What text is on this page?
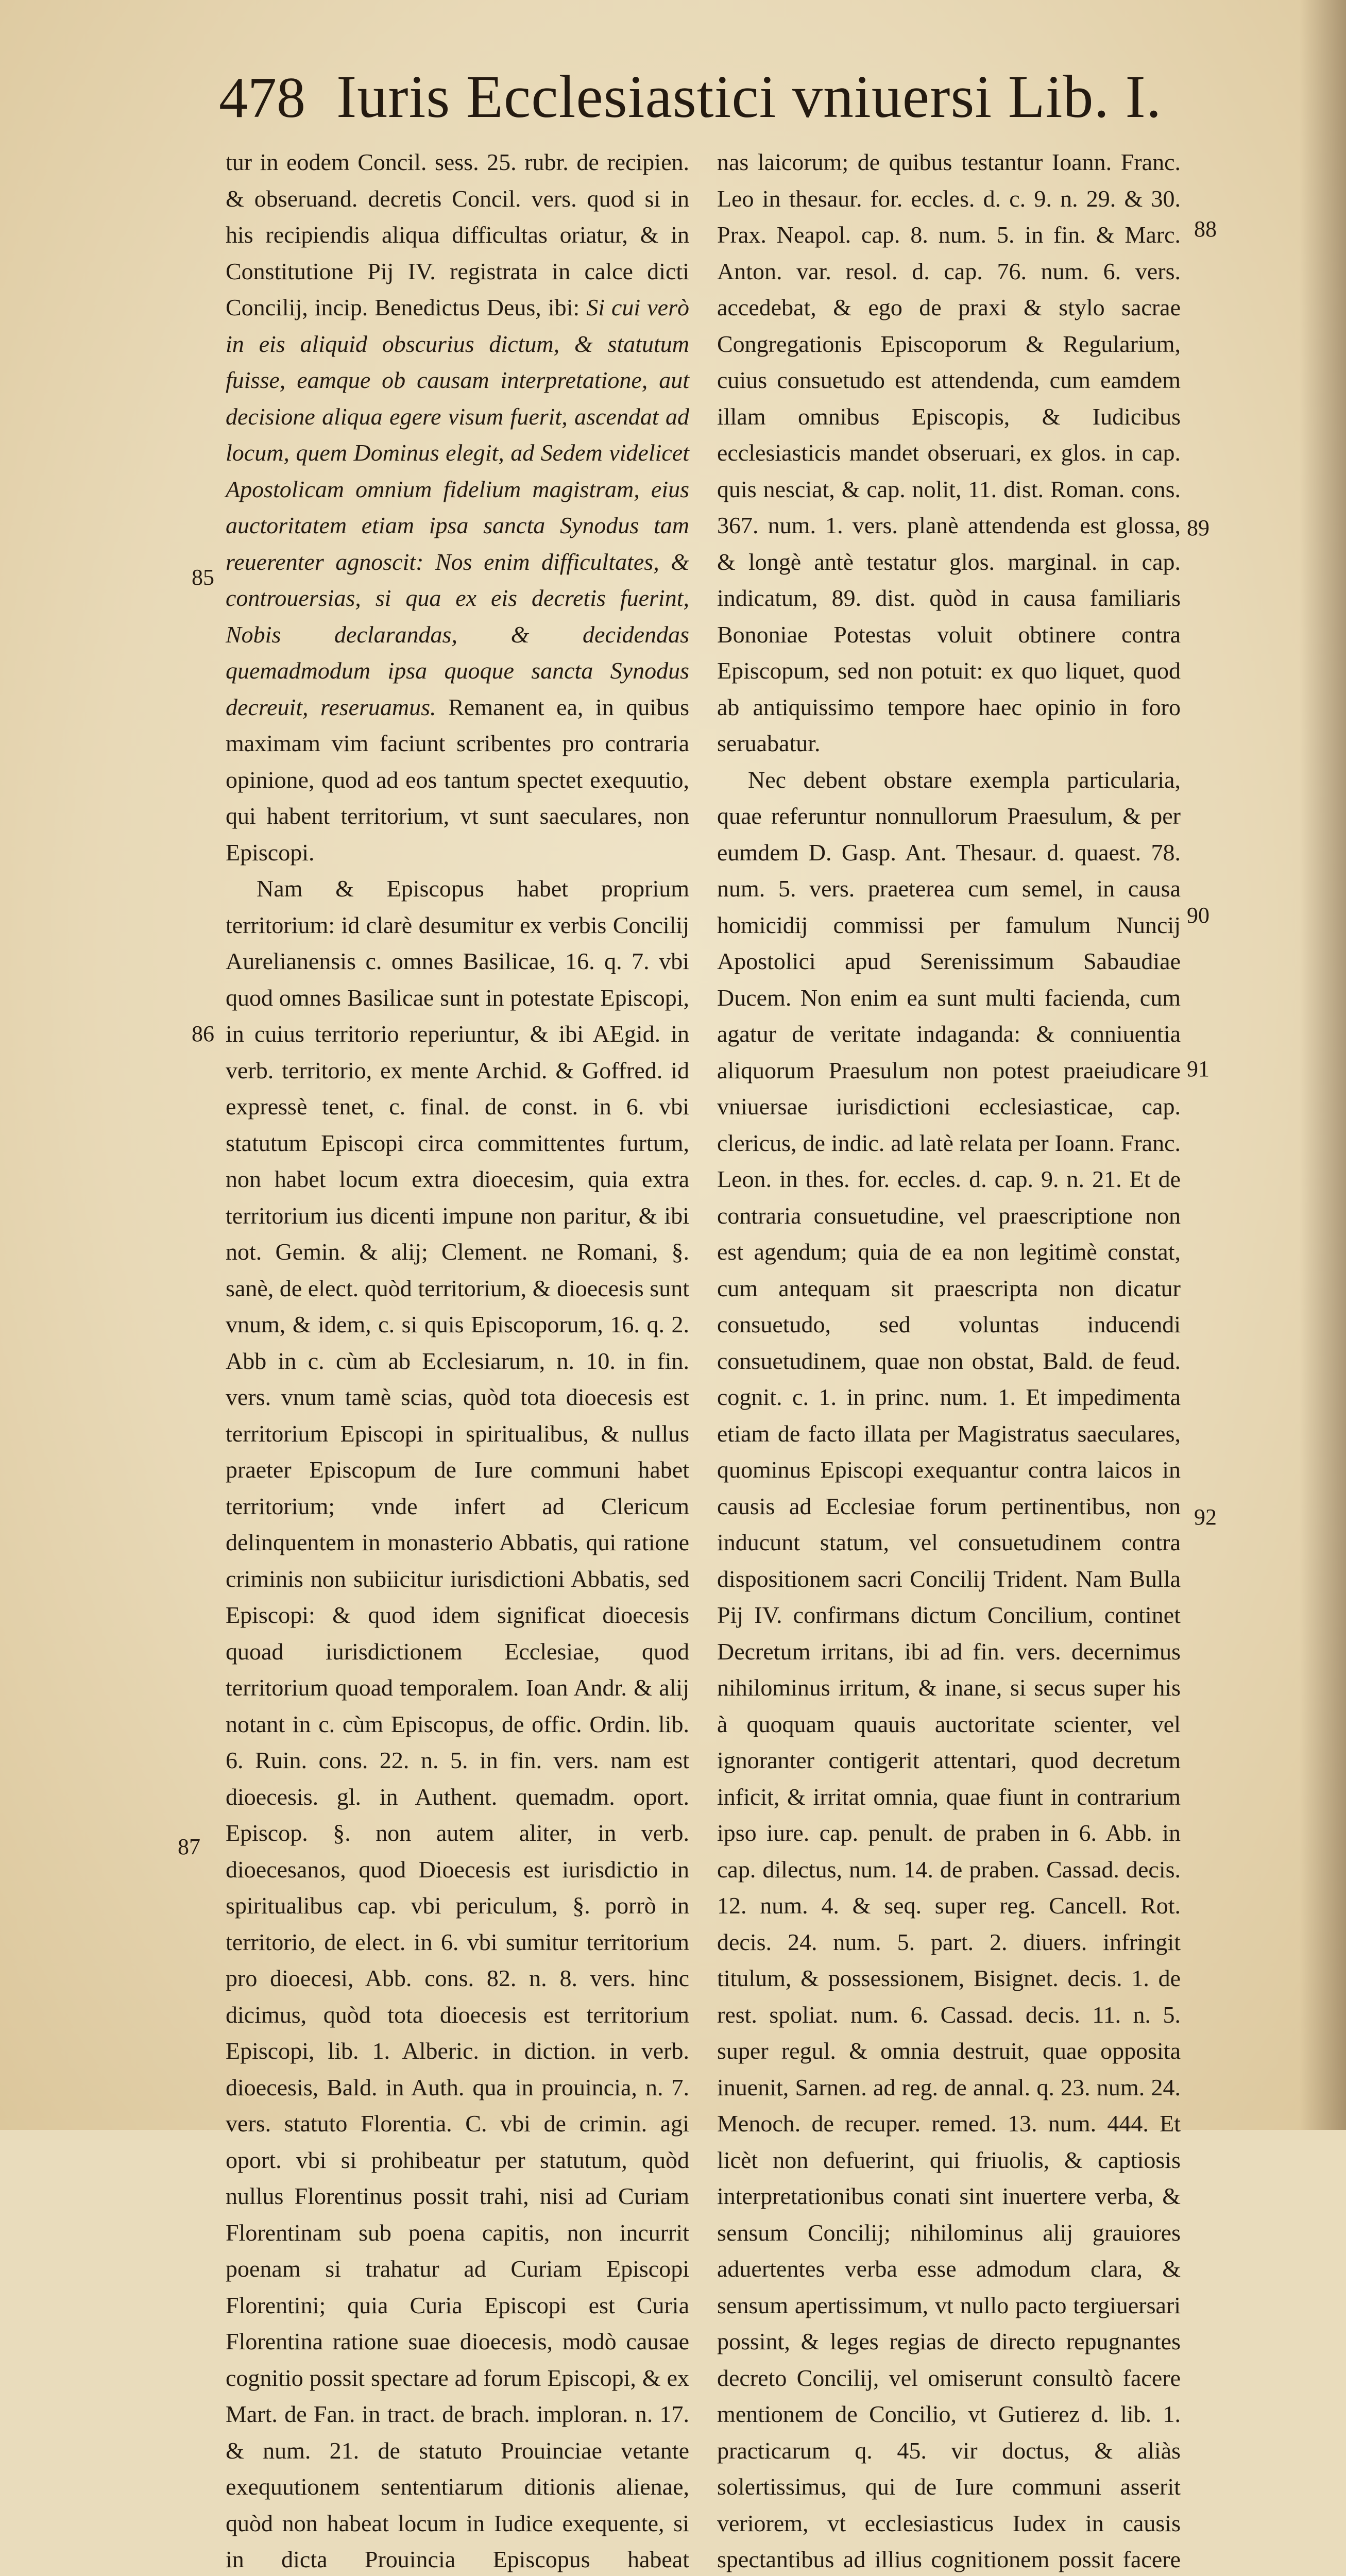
478 Iuris Ecclesiastici vniuersi Lib. I.

tur in eodem Concil. sess. 25. rubr. de recipien. & obseruand. decretis Concil. vers. quod si in his recipiendis aliqua difficultas oriatur, & in Constitutione Pij IV. registrata in calce dicti Concilij, incip. Benedictus Deus, ibi: Si cui verò in eis aliquid obscurius dictum, & statutum fuisse, eamque ob causam interpretatione, aut decisione aliqua egere visum fuerit, ascendat ad locum, quem Dominus elegit, ad Sedem videlicet Apostolicam omnium fidelium magistram, eius auctoritatem etiam ipsa sancta Synodus tam reuerenter agnoscit: Nos enim difficultates, & controuersias, si qua ex eis decretis fuerint, Nobis declarandas, & decidendas quemadmodum ipsa quoque sancta Synodus decreuit, reseruamus. Remanent ea, in quibus maximam vim faciunt scribentes pro contraria opinione, quod ad eos tantum spectet exequutio, qui habent territorium, vt sunt saeculares, non Episcopi.

Nam & Episcopus habet proprium territorium: id clarè desumitur ex verbis Concilij Aurelianensis c. omnes Basilicae, 16. q. 7. vbi quod omnes Basilicae sunt in potestate Episcopi, in cuius territorio reperiuntur, & ibi AEgid. in verb. territorio, ex mente Archid. & Goffred. id expressè tenet, c. final. de const. in 6. vbi statutum Episcopi circa committentes furtum, non habet locum extra dioecesim, quia extra territorium ius dicenti impune non paritur, & ibi not. Gemin. & alij; Clement. ne Romani, §. sanè, de elect. quòd territorium, & dioecesis sunt vnum, & idem, c. si quis Episcoporum, 16. q. 2. Abb in c. cùm ab Ecclesiarum, n. 10. in fin. vers. vnum tamè scias, quòd tota dioecesis est territorium Episcopi in spiritualibus, & nullus praeter Episcopum de Iure communi habet territorium; vnde infert ad Clericum delinquentem in monasterio Abbatis, qui ratione criminis non subiicitur iurisdictioni Abbatis, sed Episcopi: & quod idem significat dioecesis quoad iurisdictionem Ecclesiae, quod territorium quoad temporalem. Ioan Andr. & alij notant in c. cùm Episcopus, de offic. Ordin. lib. 6. Ruin. cons. 22. n. 5. in fin. vers. nam est dioecesis. gl. in Authent. quemadm. oport. Episcop. §. non autem aliter, in verb. dioecesanos, quod Dioecesis est iurisdictio in spiritualibus cap. vbi periculum, §. porrò in territorio, de elect. in 6. vbi sumitur territorium pro dioecesi, Abb. cons. 82. n. 8. vers. hinc dicimus, quòd tota dioecesis est territorium Episcopi, lib. 1. Alberic. in diction. in verb. dioecesis, Bald. in Auth. qua in prouincia, n. 7. vers. statuto Florentia. C. vbi de crimin. agi oport. vbi si prohibeatur per statutum, quòd nullus Florentinus possit trahi, nisi ad Curiam Florentinam sub poena capitis, non incurrit poenam si trahatur ad Curiam Episcopi Florentini; quia Curia Episcopi est Curia Florentina ratione suae dioecesis, modò causae cognitio possit spectare ad forum Episcopi, & ex Mart. de Fan. in tract. de brach. imploran. n. 17. & num. 21. de statuto Prouinciae vetante exequutionem sententiarum ditionis alienae, quòd non habeat locum in Iudice exequente, si in dicta Prouincia Episcopus habeat

nas laicorum; de quibus testantur Ioann. Franc. Leo in thesaur. for. eccles. d. c. 9. n. 29. & 30. Prax. Neapol. cap. 8. num. 5. in fin. & Marc. Anton. var. resol. d. cap. 76. num. 6. vers. accedebat, & ego de praxi & stylo sacrae Congregationis Episcoporum & Regularium, cuius consuetudo est attendenda, cum eamdem illam omnibus Episcopis, & Iudicibus ecclesiasticis mandet obseruari, ex glos. in cap. quis nesciat, & cap. nolit, 11. dist. Roman. cons. 367. num. 1. vers. planè attendenda est glossa, & longè antè testatur glos. marginal. in cap. indicatum, 89. dist. quòd in causa familiaris Bononiae Potestas voluit obtinere contra Episcopum, sed non potuit: ex quo liquet, quod ab antiquissimo tempore haec opinio in foro seruabatur.

Nec debent obstare exempla particularia, quae referuntur nonnullorum Praesulum, & per eumdem D. Gasp. Ant. Thesaur. d. quaest. 78. num. 5. vers. praeterea cum semel, in causa homicidij commissi per famulum Nuncij Apostolici apud Serenissimum Sabaudiae Ducem. Non enim ea sunt multi facienda, cum agatur de veritate indaganda: & conniuentia aliquorum Praesulum non potest praeiudicare vniuersae iurisdictioni ecclesiasticae, cap. clericus, de indic. ad latè relata per Ioann. Franc. Leon. in thes. for. eccles. d. cap. 9. n. 21. Et de contraria consuetudine, vel praescriptione non est agendum; quia de ea non legitimè constat, cum antequam sit praescripta non dicatur consuetudo, sed voluntas inducendi consuetudinem, quae non obstat, Bald. de feud. cognit. c. 1. in princ. num. 1. Et impedimenta etiam de facto illata per Magistratus saeculares, quominus Episcopi exequantur contra laicos in causis ad Ecclesiae forum pertinentibus, non inducunt statum, vel consuetudinem contra dispositionem sacri Concilij Trident. Nam Bulla Pij IV. confirmans dictum Concilium, continet Decretum irritans, ibi ad fin. vers. decernimus nihilominus irritum, & inane, si secus super his à quoquam quauis auctoritate scienter, vel ignoranter contigerit attentari, quod decretum inficit, & irritat omnia, quae fiunt in contrarium ipso iure. cap. penult. de praben in 6. Abb. in cap. dilectus, num. 14. de praben. Cassad. decis. 12. num. 4. & seq. super reg. Cancell. Rot. decis. 24. num. 5. part. 2. diuers. infringit titulum, & possessionem, Bisignet. decis. 1. de rest. spoliat. num. 6. Cassad. decis. 11. n. 5. super regul. & omnia destruit, quae opposita inuenit, Sarnen. ad reg. de annal. q. 23. num. 24. Menoch. de recuper. remed. 13. num. 444. Et licèt non defuerint, qui friuolis, & captiosis interpretationibus conati sint inuertere verba, & sensum Concilij; nihilominus alij grauiores aduertentes verba esse admodum clara, & sensum apertissimum, vt nullo pacto tergiuersari possint, & leges regias de directo repugnantes decreto Concilij, vel omiserunt consultò facere mentionem de Concilio, vt Gutierez d. lib. 1. practicarum q. 45. vir doctus, & aliàs solertissimus, qui de Iure communi asserit veriorem, vt ecclesiasticus Iudex in causis spectantibus ad illius cognitionem possit facere

85
86
87
88
89
90
91
92
